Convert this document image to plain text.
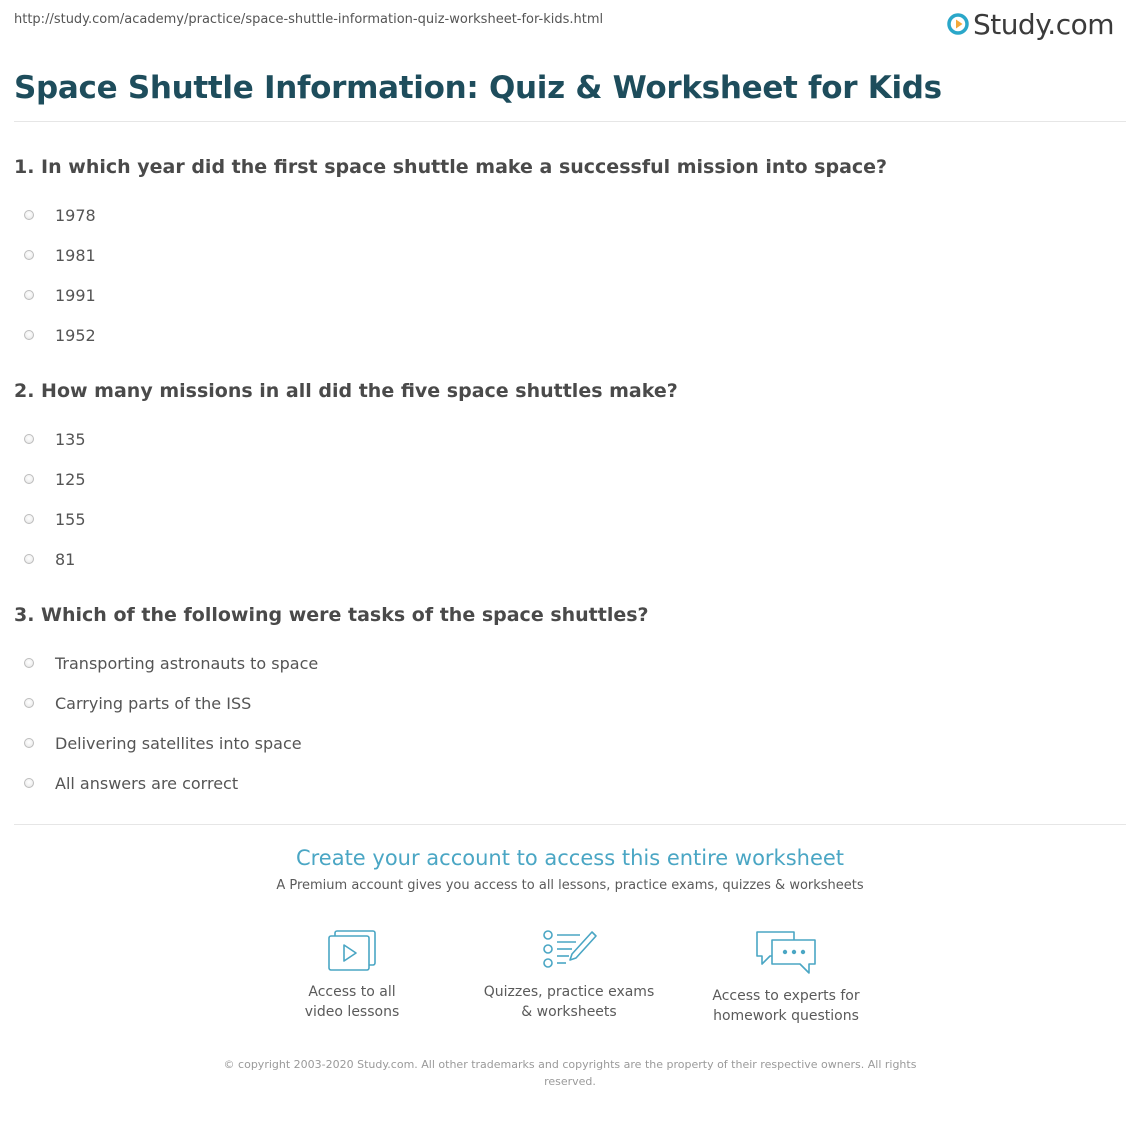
http://study.com/academy/practice/space-shuttle-information-quiz-worksheet-for-kids.html	Study.com
Space Shuttle Information: Quiz & Worksheet for Kids
1. In which year did the first space shuttle make a successful mission into space?
1978
1981
1991
1952
2. How many missions in all did the five space shuttles make?
135
125
155
81
3. Which of the following were tasks of the space shuttles?
Transporting astronauts to space
Carrying parts of the ISS
Delivering satellites into space
All answers are correct
Create your account to access this entire worksheet
A Premium account gives you access to all lessons, practice exams, quizzes & worksheets
Access to all
video lessons
Quizzes, practice exams
& worksheets
Access to experts for
homework questions
© copyright 2003-2020 Study.com. All other trademarks and copyrights are the property of their respective owners. All rights reserved.
